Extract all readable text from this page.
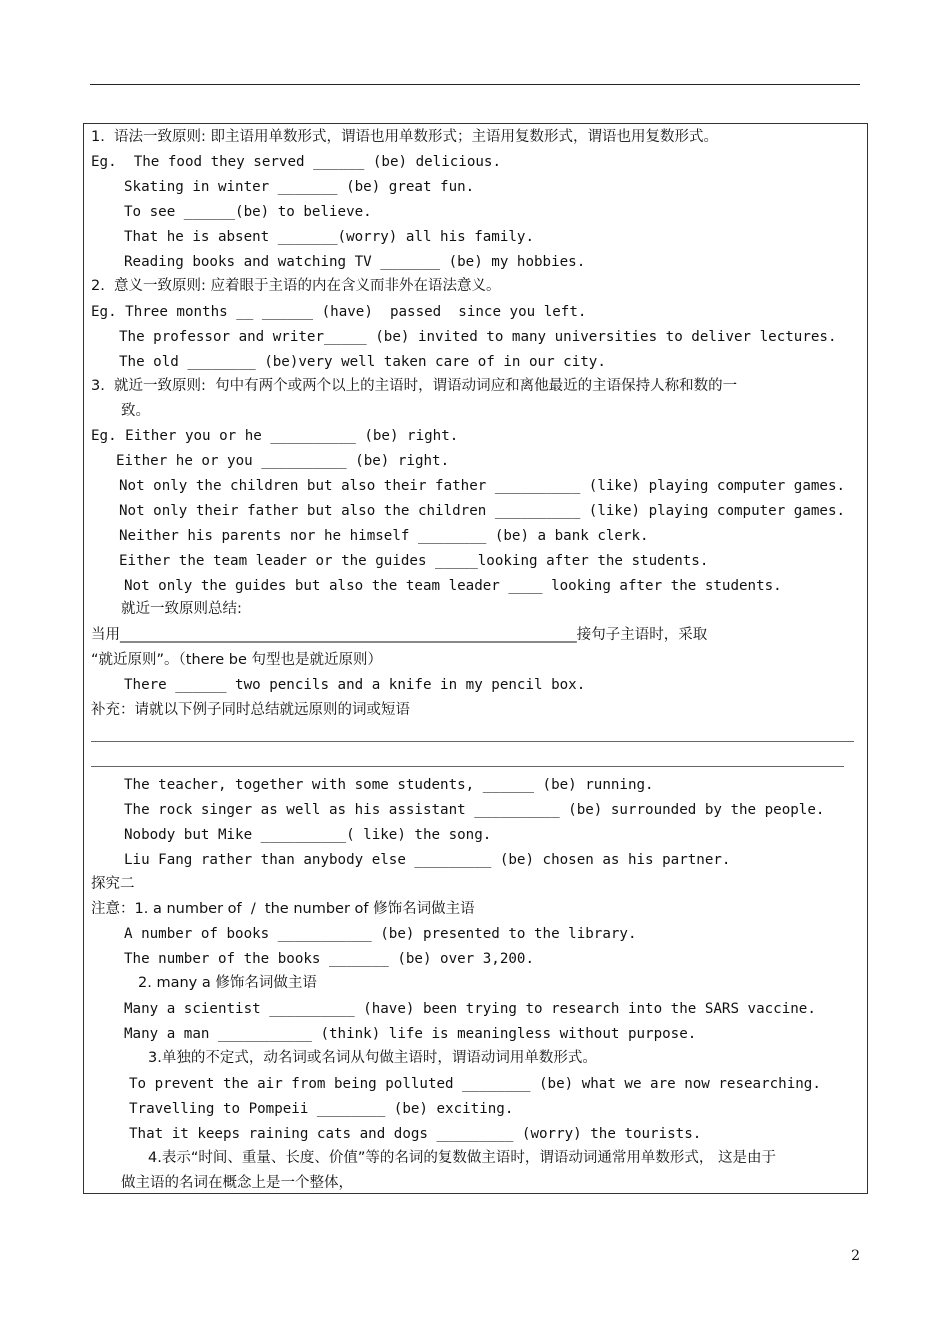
1.  语法一致原则: 即主语用单数形式，谓语也用单数形式；主语用复数形式，谓语也用复数形式。
Eg.  The food they served ______ (be) delicious.
Skating in winter _______ (be) great fun.
To see ______(be) to believe.
That he is absent _______(worry) all his family.
Reading books and watching TV _______ (be) my hobbies.
2.  意义一致原则: 应着眼于主语的内在含义而非外在语法意义。
Eg. Three months __ ______ (have)  passed  since you left.
The professor and writer_____ (be) invited to many universities to deliver lectures.
The old ________ (be)very well taken care of in our city.
3.  就近一致原则:  句中有两个或两个以上的主语时，谓语动词应和离他最近的主语保持人称和数的一
致。
Eg. Either you or he __________ (be) right.
Either he or you __________ (be) right.
Not only the children but also their father __________ (like) playing computer games.
Not only their father but also the children __________ (like) playing computer games.
Neither his parents nor he himself ________ (be) a bank clerk.
Either the team leader or the guides _____looking after the students.
Not only the guides but also the team leader ____ looking after the students.
就近一致原则总结:
当用_______________________________________________________________接句子主语时，采取
“就近原则”。（there be 句型也是就近原则）
There ______ two pencils and a knife in my pencil box.
补充：请就以下例子同时总结就远原则的词或短语
The teacher, together with some students, ______ (be) running.
The rock singer as well as his assistant __________ (be) surrounded by the people.
Nobody but Mike __________( like) the song.
Liu Fang rather than anybody else _________ (be) chosen as his partner.
探究二
注意：1. a number of  /  the number of 修饰名词做主语
A number of books ___________ (be) presented to the library.
The number of the books _______ (be) over 3,200.
2. many a 修饰名词做主语
Many a scientist __________ (have) been trying to research into the SARS vaccine.
Many a man ___________ (think) life is meaningless without purpose.
3.单独的不定式，动名词或名词从句做主语时，谓语动词用单数形式。
To prevent the air from being polluted ________ (be) what we are now researching.
Travelling to Pompeii ________ (be) exciting.
That it keeps raining cats and dogs _________ (worry) the tourists.
4.表示“时间、重量、长度、价值”等的名词的复数做主语时，谓语动词通常用单数形式， 这是由于
做主语的名词在概念上是一个整体，
2
